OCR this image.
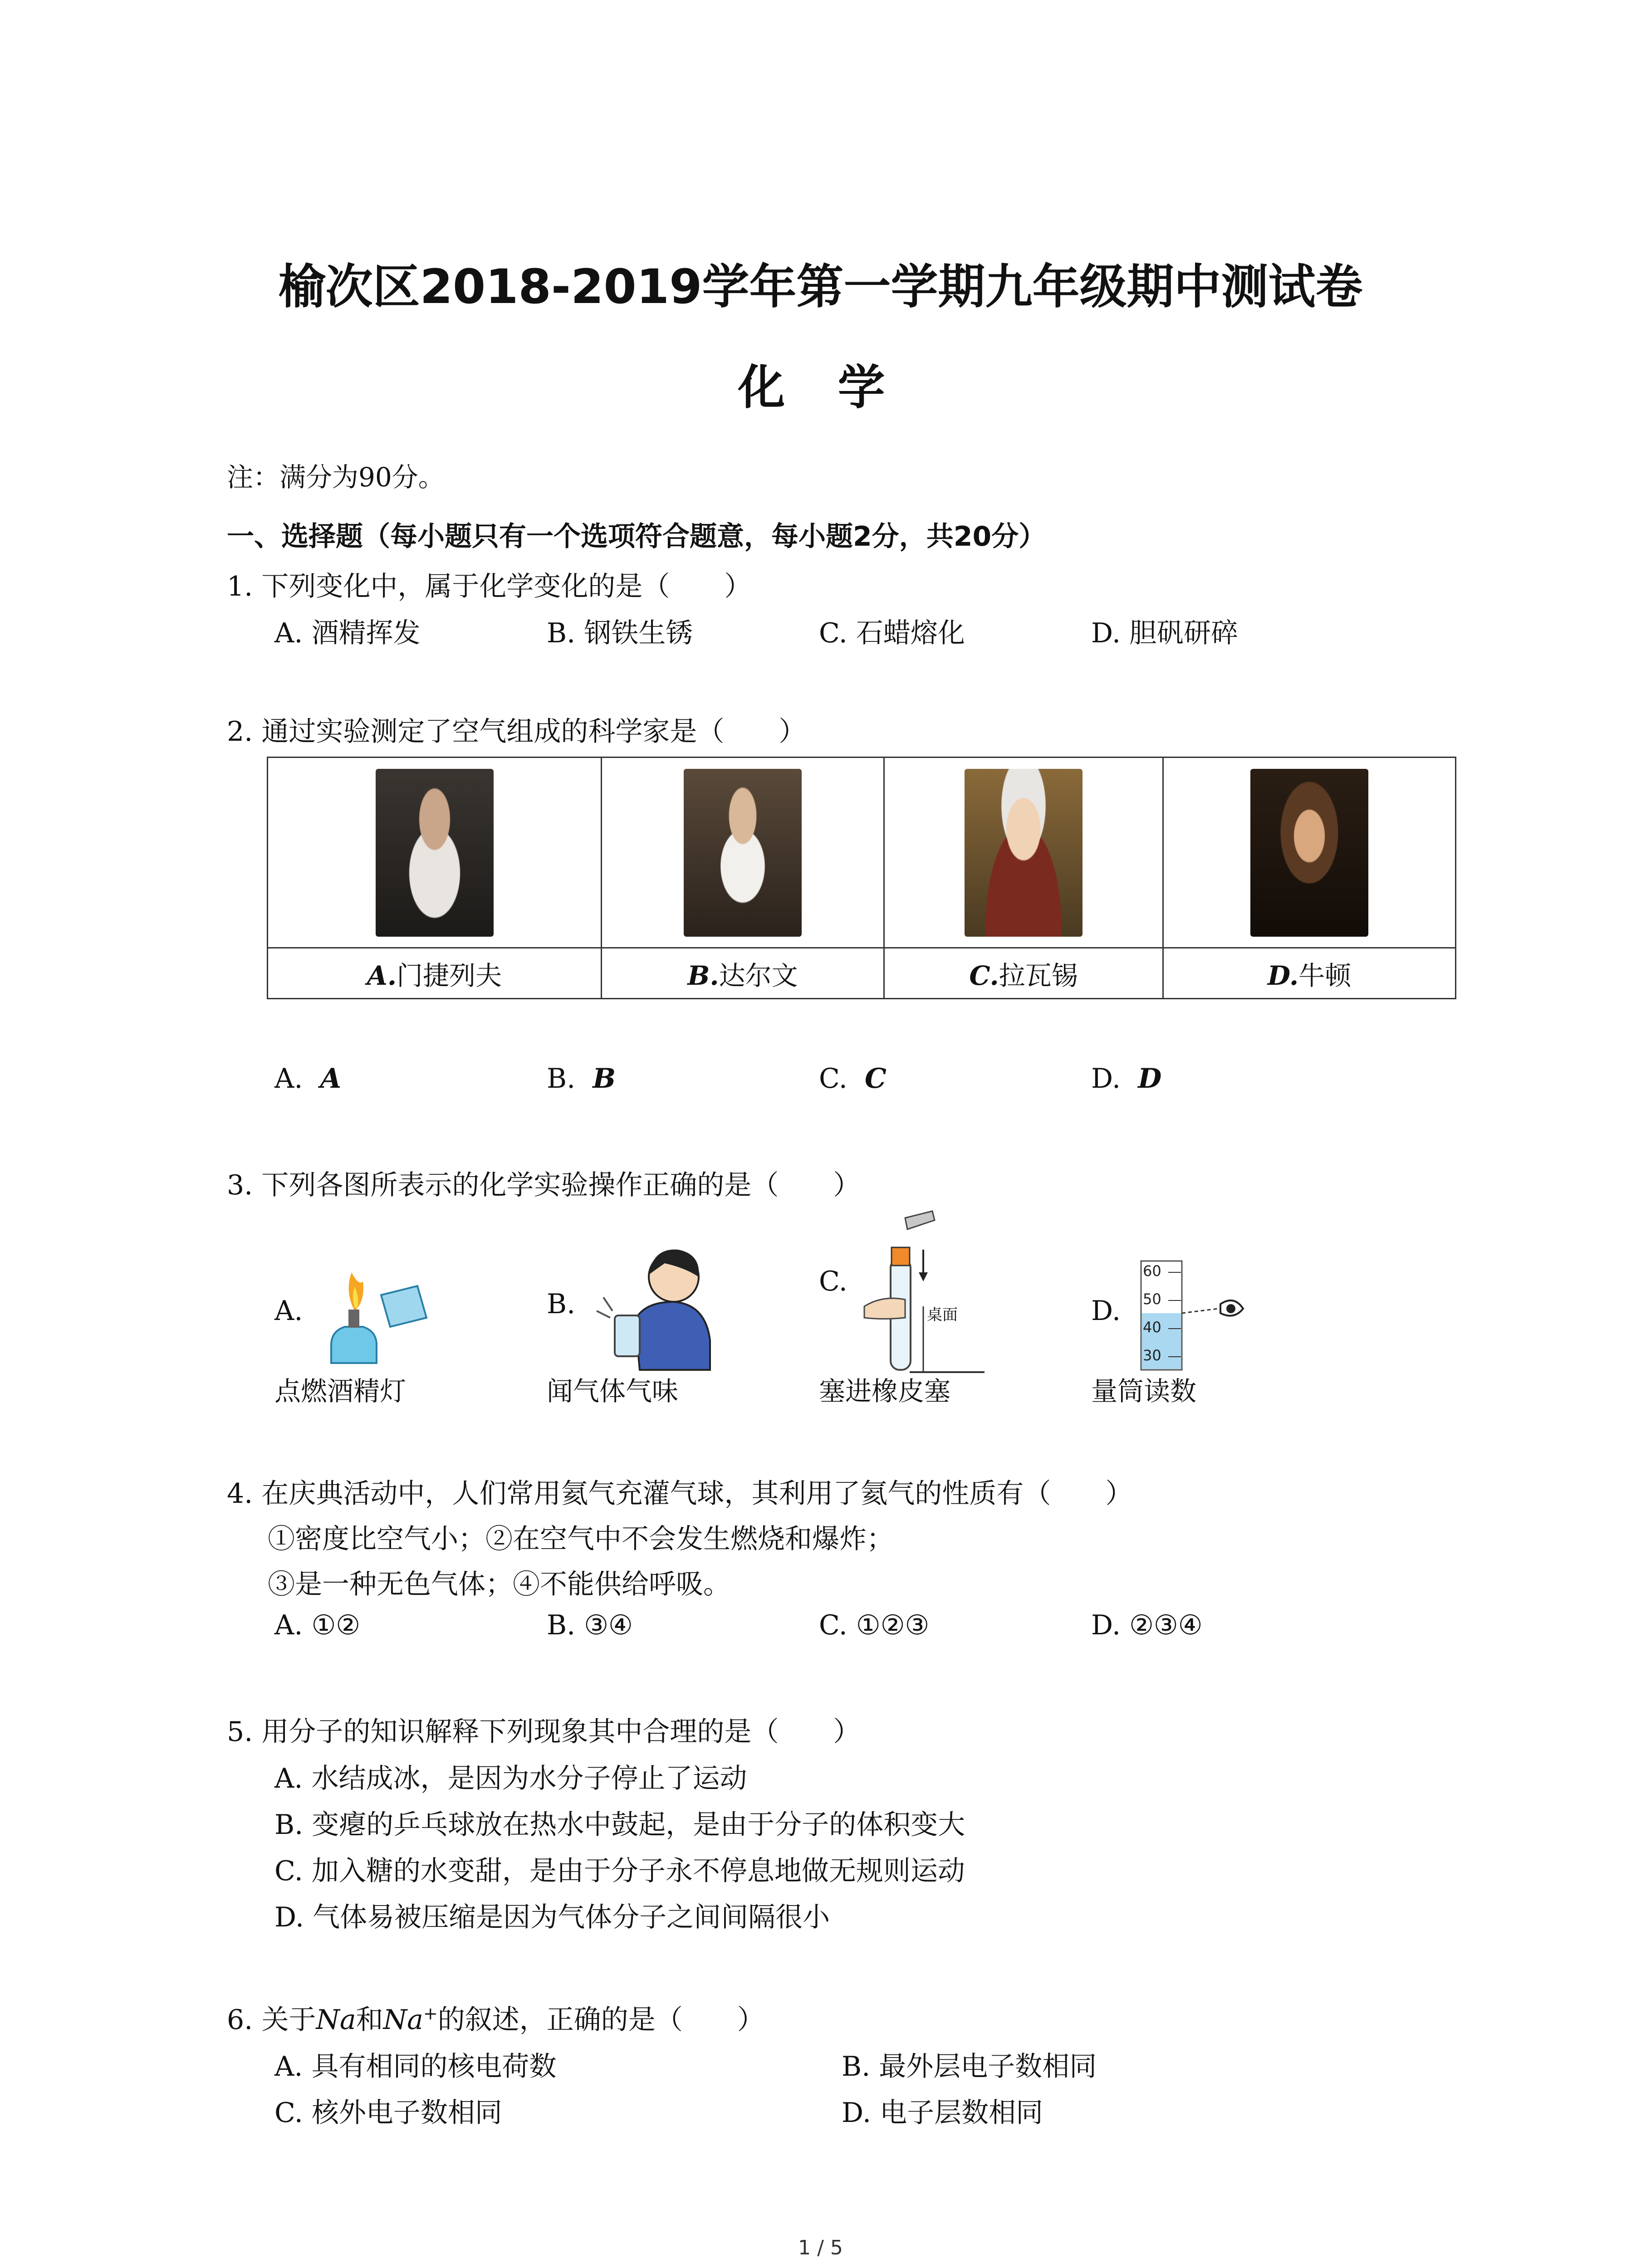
榆次区2018-2019学年第一学期九年级期中测试卷
化 学
注：满分为90分。
一、选择题（每小题只有一个选项符合题意，每小题2分，共20分）
1. 下列变化中，属于化学变化的是（　　）
A. 酒精挥发	B. 钢铁生锈	C. 石蜡熔化	D. 胆矾研碎
2. 通过实验测定了空气组成的科学家是（　　）

A.门捷列夫	B.达尔文	C.拉瓦锡	D.牛顿
A. A	B. B	C. C	D. D
3. 下列各图所表示的化学实验操作正确的是（　　）
A.
点燃酒精灯
B.
闻气体气味
C.
桌面
塞进橡皮塞
D.
60
50
40
30
量筒读数
4. 在庆典活动中，人们常用氦气充灌气球，其利用了氦气的性质有（　　）
①密度比空气小；②在空气中不会发生燃烧和爆炸；
③是一种无色气体；④不能供给呼吸。
A. ①②	B. ③④	C. ①②③	D. ②③④
5. 用分子的知识解释下列现象其中合理的是（　　）
A. 水结成冰，是因为水分子停止了运动
B. 变瘪的乒乓球放在热水中鼓起，是由于分子的体积变大
C. 加入糖的水变甜，是由于分子永不停息地做无规则运动
D. 气体易被压缩是因为气体分子之间间隔很小
6. 关于Na和Na+的叙述，正确的是（　　）
A. 具有相同的核电荷数	B. 最外层电子数相同
C. 核外电子数相同	D. 电子层数相同
1 / 5
